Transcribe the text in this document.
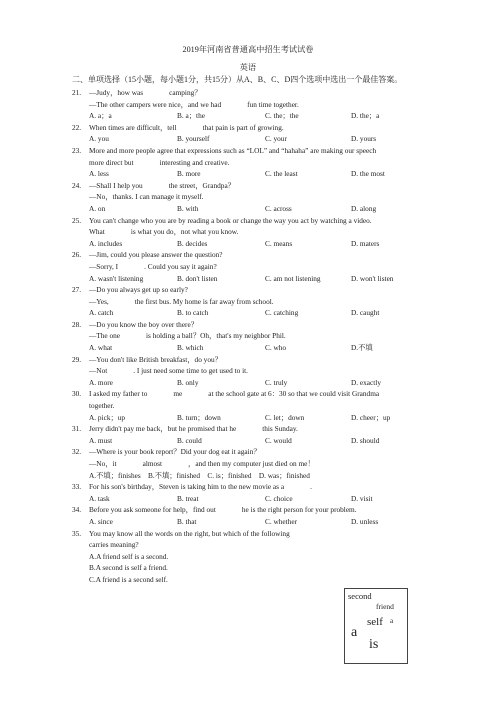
2019年河南省普通高中招生考试试卷
英语
二、单项选择（15小题，每小题1分，共15分）从A、B、C、D四个选项中选出一个最佳答案。
21.	—Judy，how was	camping？
—The other campers were nice，and we had	fun time together.
A. a；a	B. a；the	C. the；the	D. the；a
22.	When times are difficult，tell	that pain is part of growing.
A. you	B. yourself	C. your	D. yours
23.	More and more people agree that expressions such as “LOL” and “hahaha” are making our speech
more direct but	interesting and creative.
A. less	B. more	C. the least	D. the most
24.	—Shall I help you	the street，Grandpa？
—No，thanks. I can manage it myself.
A. on	B. with	C. across	D. along
25.	You can't change who you are by reading a book or change the way you act by watching a video.
What	is what you do，not what you know.
A. includes	B. decides	C. means	D. maters
26.	—Jim, could you please answer the question?
—Sorry, I	. Could you say it again?
A. wasn't listening	B. don't listen	C. am not listening	D. won't listen
27.	—Do you always get up so early?
—Yes,	the first bus. My home is far away from school.
A. catch	B. to catch	C. catching	D. caught
28.	—Do you know the boy over there？
—The one	is holding a ball？Oh，that's my neighbor Phil.
A. what	B. which	C. who	D.不填
29.	—You don't like British breakfast，do you？
—Not	. I just need some time to get used to it.
A. more	B. only	C. truly	D. exactly
30.	I asked my father to	me	at the school gate at 6：30 so that we could visit Grandma
together.
A. pick；up	B. turn；down	C. let；down	D. cheer；up
31.	Jerry didn't pay me back，but he promised that he	this Sunday.
A. must	B. could	C. would	D. should
32.	—Where is your book report？Did your dog eat it again？
—No，it	almost	，and then my computer just died on me！
A.不填；finishes　B.不填；finished　C. is；finished　D. was；finished
33.	For his son's birthday，Steven is taking him to the new movie as a	.
A. task	B. treat	C. choice	D. visit
34.	Before you ask someone for help，find out	he is the right person for your problem.
A. since	B. that	C. whether	D. unless
35.	You may know all the words on the right, but which of the following
carries meaning?
A.A friend self is a second.
B.A second is self a friend.
C.A friend is a second self.
second
friend
a
self
a
is
